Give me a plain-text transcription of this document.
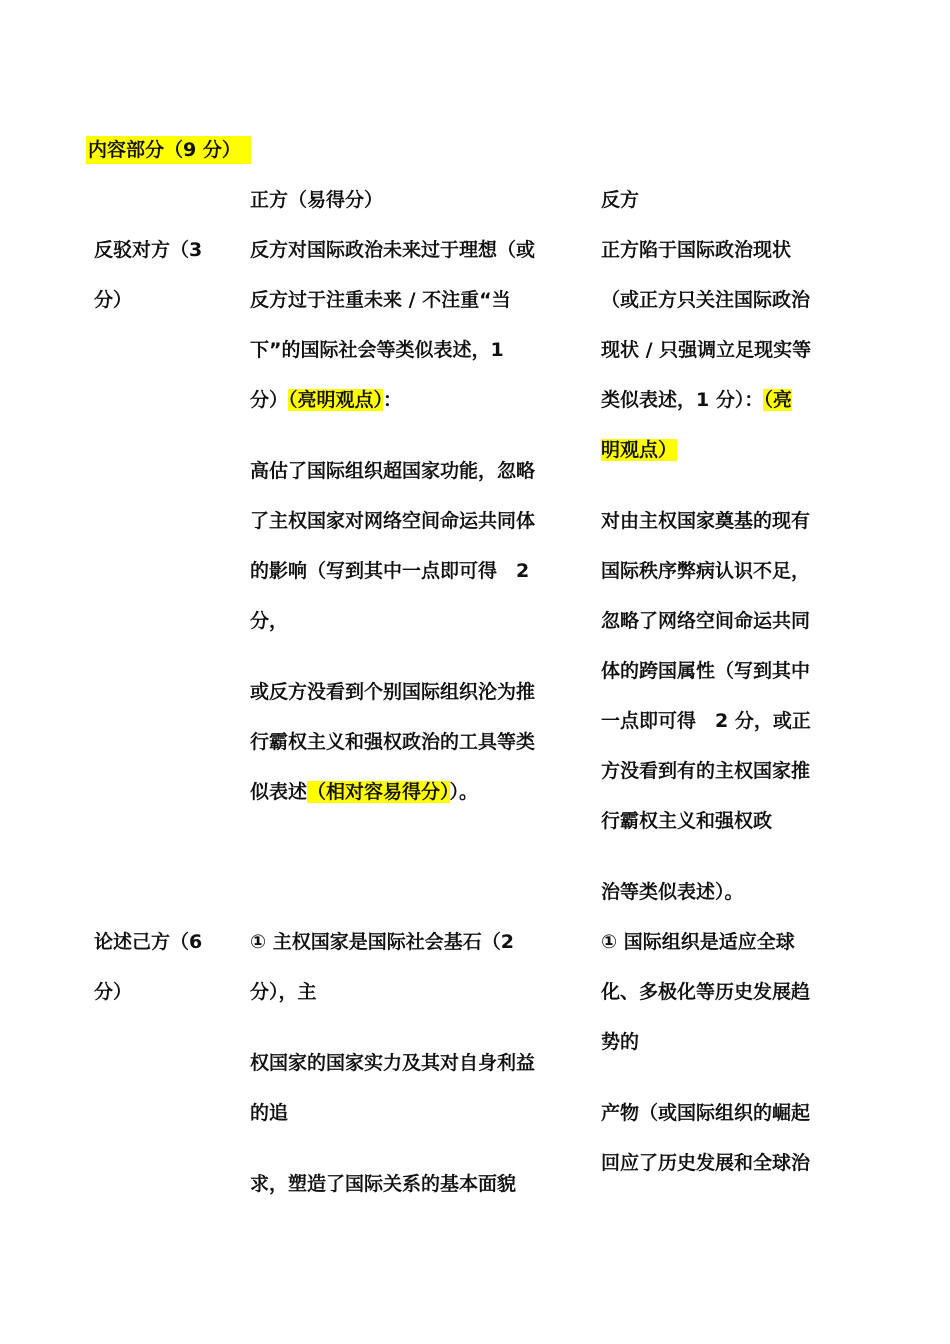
内容部分（9 分）
正方（易得分）	反方
反驳对方（3
分）
反方对国际政治未来过于理想（或
反方过于注重未来 / 不注重“当
下”的国际社会等类似表述，1
分）（亮明观点）：
高估了国际组织超国家功能，忽略
了主权国家对网络空间命运共同体
的影响（写到其中一点即可得　2
分，
或反方没看到个别国际组织沦为推
行霸权主义和强权政治的工具等类
似表述（相对容易得分））。
正方陷于国际政治现状
（或正方只关注国际政治
现状 / 只强调立足现实等
类似表述，1 分）：（亮
明观点）
对由主权国家奠基的现有
国际秩序弊病认识不足，
忽略了网络空间命运共同
体的跨国属性（写到其中
一点即可得　2 分，或正
方没看到有的主权国家推
行霸权主义和强权政
治等类似表述）。
论述己方（6
分）
① 主权国家是国际社会基石（2
分），主
权国家的国家实力及其对自身利益
的追
求，塑造了国际关系的基本面貌
① 国际组织是适应全球
化、多极化等历史发展趋
势的
产物（或国际组织的崛起
回应了历史发展和全球治
